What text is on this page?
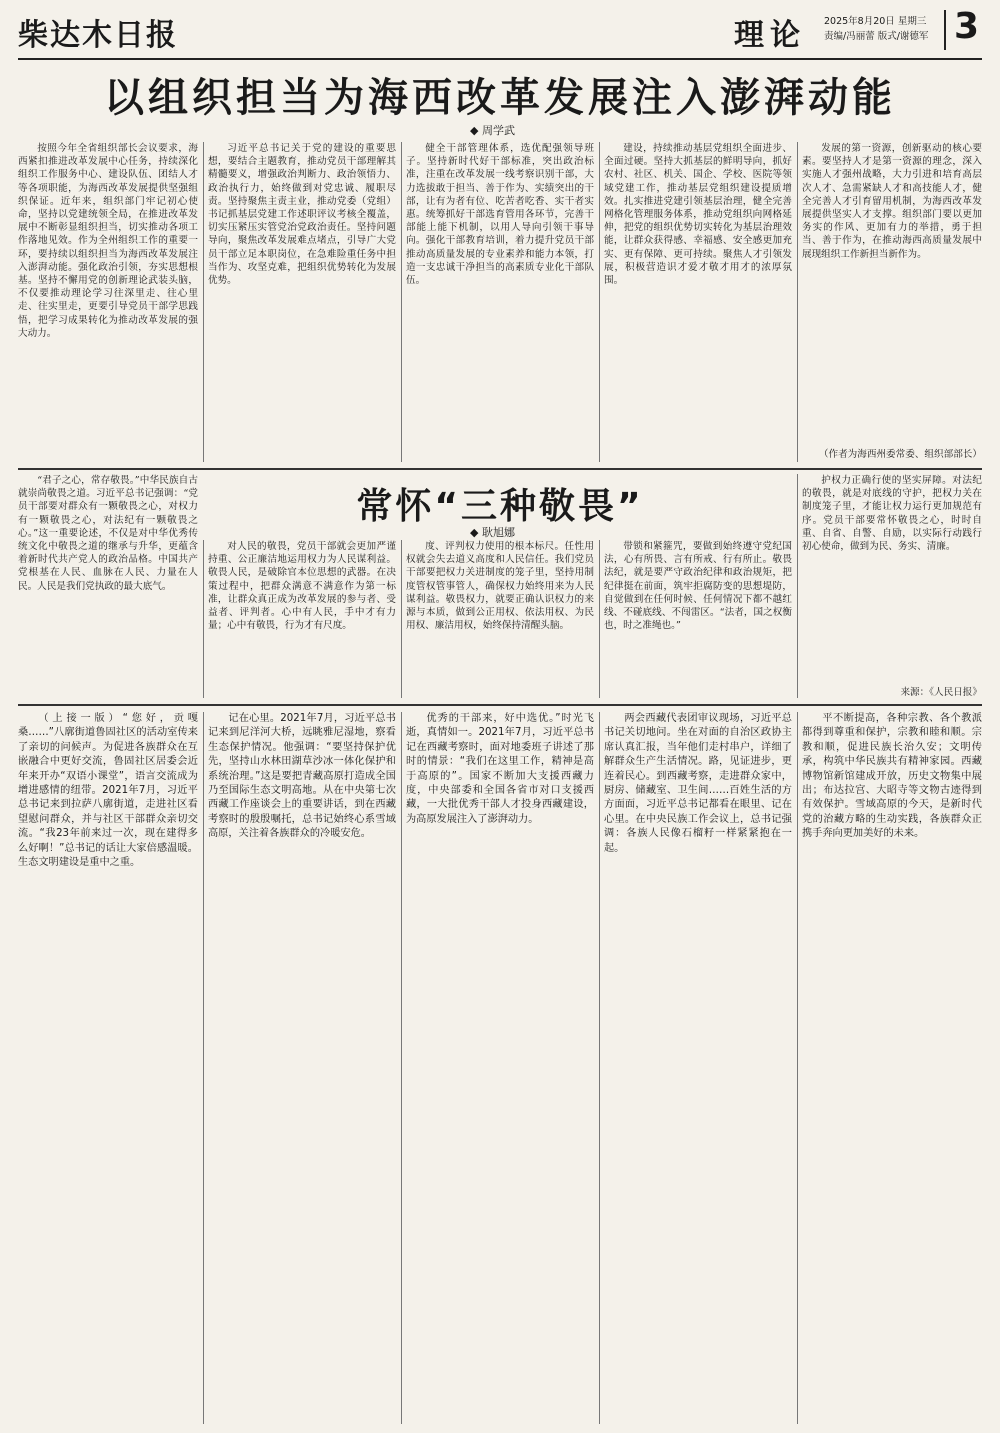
柴达木日报	理论 2025年8月20日 星期三
责编/冯丽蕾 版式/谢德军 3
以组织担当为海西改革发展注入澎湃动能
◆ 周学武

按照今年全省组织部长会议要求，海西紧扣推进改革发展中心任务，持续深化组织工作服务中心、建设队伍、团结人才等各项职能，为海西改革发展提供坚强组织保证。近年来，组织部门牢记初心使命，坚持以党建统领全局，在推进改革发展中不断彰显组织担当，切实推动各项工作落地见效。作为全州组织工作的重要一环，要持续以组织担当为海西改革发展注入澎湃动能。强化政治引领，夯实思想根基。坚持不懈用党的创新理论武装头脑，不仅要推动理论学习往深里走、往心里走、往实里走，更要引导党员干部学思践悟，把学习成果转化为推动改革发展的强大动力。

习近平总书记关于党的建设的重要思想，要结合主题教育，推动党员干部理解其精髓要义，增强政治判断力、政治领悟力、政治执行力，始终做到对党忠诚、履职尽责。坚持聚焦主责主业，推动党委（党组）书记抓基层党建工作述职评议考核全覆盖，切实压紧压实管党治党政治责任。坚持问题导向，聚焦改革发展难点堵点，引导广大党员干部立足本职岗位，在急难险重任务中担当作为、攻坚克难，把组织优势转化为发展优势。

健全干部管理体系，选优配强领导班子。坚持新时代好干部标准，突出政治标准，注重在改革发展一线考察识别干部，大力选拔敢于担当、善于作为、实绩突出的干部，让有为者有位、吃苦者吃香、实干者实惠。统筹抓好干部选育管用各环节，完善干部能上能下机制，以用人导向引领干事导向。强化干部教育培训，着力提升党员干部推动高质量发展的专业素养和能力本领，打造一支忠诚干净担当的高素质专业化干部队伍。

建设，持续推动基层党组织全面进步、全面过硬。坚持大抓基层的鲜明导向，抓好农村、社区、机关、国企、学校、医院等领域党建工作，推动基层党组织建设提质增效。扎实推进党建引领基层治理，健全完善网格化管理服务体系，推动党组织向网格延伸，把党的组织优势切实转化为基层治理效能，让群众获得感、幸福感、安全感更加充实、更有保障、更可持续。聚焦人才引领发展，积极营造识才爱才敬才用才的浓厚氛围。

发展的第一资源，创新驱动的核心要素。要坚持人才是第一资源的理念，深入实施人才强州战略，大力引进和培育高层次人才、急需紧缺人才和高技能人才，健全完善人才引育留用机制，为海西改革发展提供坚实人才支撑。组织部门要以更加务实的作风、更加有力的举措，勇于担当、善于作为，在推动海西高质量发展中展现组织工作新担当新作为。

（作者为海西州委常委、组织部部长）
常怀“三种敬畏”
◆ 耿旭娜

“君子之心，常存敬畏。”中华民族自古就崇尚敬畏之道。习近平总书记强调：“党员干部要对群众有一颗敬畏之心，对权力有一颗敬畏之心，对法纪有一颗敬畏之心。”这一重要论述，不仅是对中华优秀传统文化中敬畏之道的继承与升华，更蕴含着新时代共产党人的政治品格。中国共产党根基在人民、血脉在人民、力量在人民。人民是我们党执政的最大底气。

对人民的敬畏，党员干部就会更加严谨持重、公正廉洁地运用权力为人民谋利益。敬畏人民，是破除官本位思想的武器。在决策过程中，把群众满意不满意作为第一标准，让群众真正成为改革发展的参与者、受益者、评判者。心中有人民，手中才有力量；心中有敬畏，行为才有尺度。

度、评判权力使用的根本标尺。任性用权就会失去道义高度和人民信任。我们党员干部要把权力关进制度的笼子里，坚持用制度管权管事管人，确保权力始终用来为人民谋利益。敬畏权力，就要正确认识权力的来源与本质，做到公正用权、依法用权、为民用权、廉洁用权，始终保持清醒头脑。

带锁和紧箍咒，要做到始终遵守党纪国法，心有所畏、言有所戒、行有所止。敬畏法纪，就是要严守政治纪律和政治规矩，把纪律挺在前面，筑牢拒腐防变的思想堤防，自觉做到在任何时候、任何情况下都不越红线、不碰底线、不闯雷区。“法者，国之权衡也，时之准绳也。”

护权力正确行使的坚实屏障。对法纪的敬畏，就是对底线的守护，把权力关在制度笼子里，才能让权力运行更加规范有序。党员干部要常怀敬畏之心，时时自重、自省、自警、自励，以实际行动践行初心使命，做到为民、务实、清廉。

来源：《人民日报》

（上接一版）“您好，贡嘎桑……”八廓街道鲁固社区的活动室传来了亲切的问候声。为促进各族群众在互嵌融合中更好交流，鲁固社区居委会近年来开办“双语小课堂”，语言交流成为增进感情的纽带。2021年7月，习近平总书记来到拉萨八廓街道，走进社区看望慰问群众，并与社区干部群众亲切交流。“我23年前来过一次，现在建得多么好啊！”总书记的话让大家倍感温暖。生态文明建设是重中之重。

记在心里。2021年7月，习近平总书记来到尼洋河大桥，远眺雅尼湿地，察看生态保护情况。他强调：“要坚持保护优先，坚持山水林田湖草沙冰一体化保护和系统治理。”这是要把青藏高原打造成全国乃至国际生态文明高地。从在中央第七次西藏工作座谈会上的重要讲话，到在西藏考察时的殷殷嘱托，总书记始终心系雪域高原，关注着各族群众的冷暖安危。

优秀的干部来，好中选优。”时光飞逝，真情如一。2021年7月，习近平总书记在西藏考察时，面对地委班子讲述了那时的情景：“我们在这里工作，精神是高于高原的”。国家不断加大支援西藏力度，中央部委和全国各省市对口支援西藏，一大批优秀干部人才投身西藏建设，为高原发展注入了澎湃动力。

两会西藏代表团审议现场，习近平总书记关切地问。坐在对面的自治区政协主席认真汇报，当年他们走村串户，详细了解群众生产生活情况。路，见证进步，更连着民心。到西藏考察，走进群众家中，厨房、储藏室、卫生间……百姓生活的方方面面，习近平总书记都看在眼里、记在心里。在中央民族工作会议上，总书记强调：各族人民像石榴籽一样紧紧抱在一起。

平不断提高，各种宗教、各个教派都得到尊重和保护，宗教和睦和顺。宗教和顺，促进民族长治久安；文明传承，构筑中华民族共有精神家园。西藏博物馆新馆建成开放，历史文物集中展出；布达拉宫、大昭寺等文物古迹得到有效保护。雪域高原的今天，是新时代党的治藏方略的生动实践，各族群众正携手奔向更加美好的未来。
